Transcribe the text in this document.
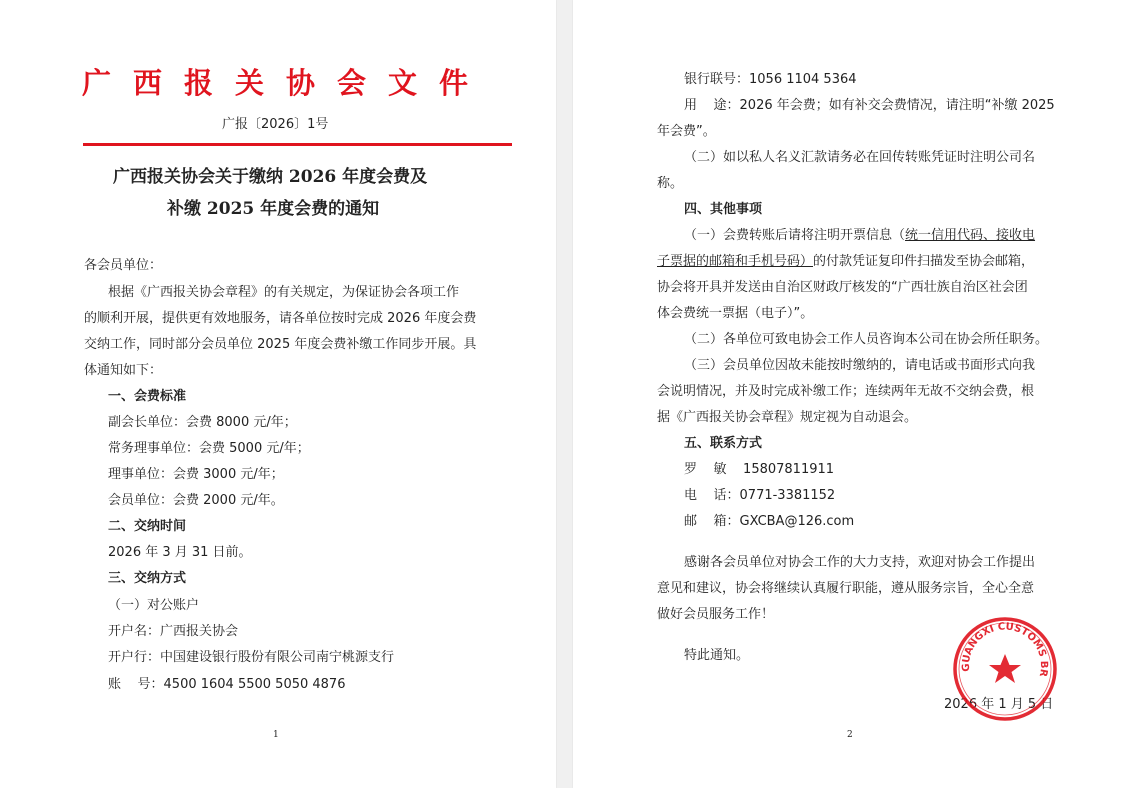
广西报关协会文件
广报〔2026〕1号
广西报关协会关于缴纳 2026 年度会费及
补缴 2025 年度会费的通知
各会员单位：
根据《广西报关协会章程》的有关规定，为保证协会各项工作
的顺利开展，提供更有效地服务，请各单位按时完成 2026 年度会费
交纳工作，同时部分会员单位 2025 年度会费补缴工作同步开展。具
体通知如下：
一、会费标准
副会长单位：会费 8000 元/年；
常务理事单位：会费 5000 元/年；
理事单位：会费 3000 元/年；
会员单位：会费 2000 元/年。
二、交纳时间
2026 年 3 月 31 日前。
三、交纳方式
（一）对公账户
开户名：广西报关协会
开户行：中国建设银行股份有限公司南宁桃源支行
账    号：4500 1604 5500 5050 4876
1
银行联号：1056 1104 5364
用    途：2026 年会费；如有补交会费情况，请注明“补缴 2025
年会费”。
（二）如以私人名义汇款请务必在回传转账凭证时注明公司名
称。
四、其他事项
（一）会费转账后请将注明开票信息（统一信用代码、接收电
子票据的邮箱和手机号码）的付款凭证复印件扫描发至协会邮箱，
协会将开具并发送由自治区财政厅核发的“广西壮族自治区社会团
体会费统一票据（电子）”。
（二）各单位可致电协会工作人员咨询本公司在协会所任职务。
（三）会员单位因故未能按时缴纳的，请电话或书面形式向我
会说明情况，并及时完成补缴工作；连续两年无故不交纳会费，根
据《广西报关协会章程》规定视为自动退会。
五、联系方式
罗    敏    15807811911
电    话：0771-3381152
邮    箱：GXCBA@126.com
感谢各会员单位对协会工作的大力支持，欢迎对协会工作提出
意见和建议，协会将继续认真履行职能，遵从服务宗旨，全心全意
做好会员服务工作！
特此通知。
2026 年 1 月 5 日
2
GUANGXI CUSTOMS BR
